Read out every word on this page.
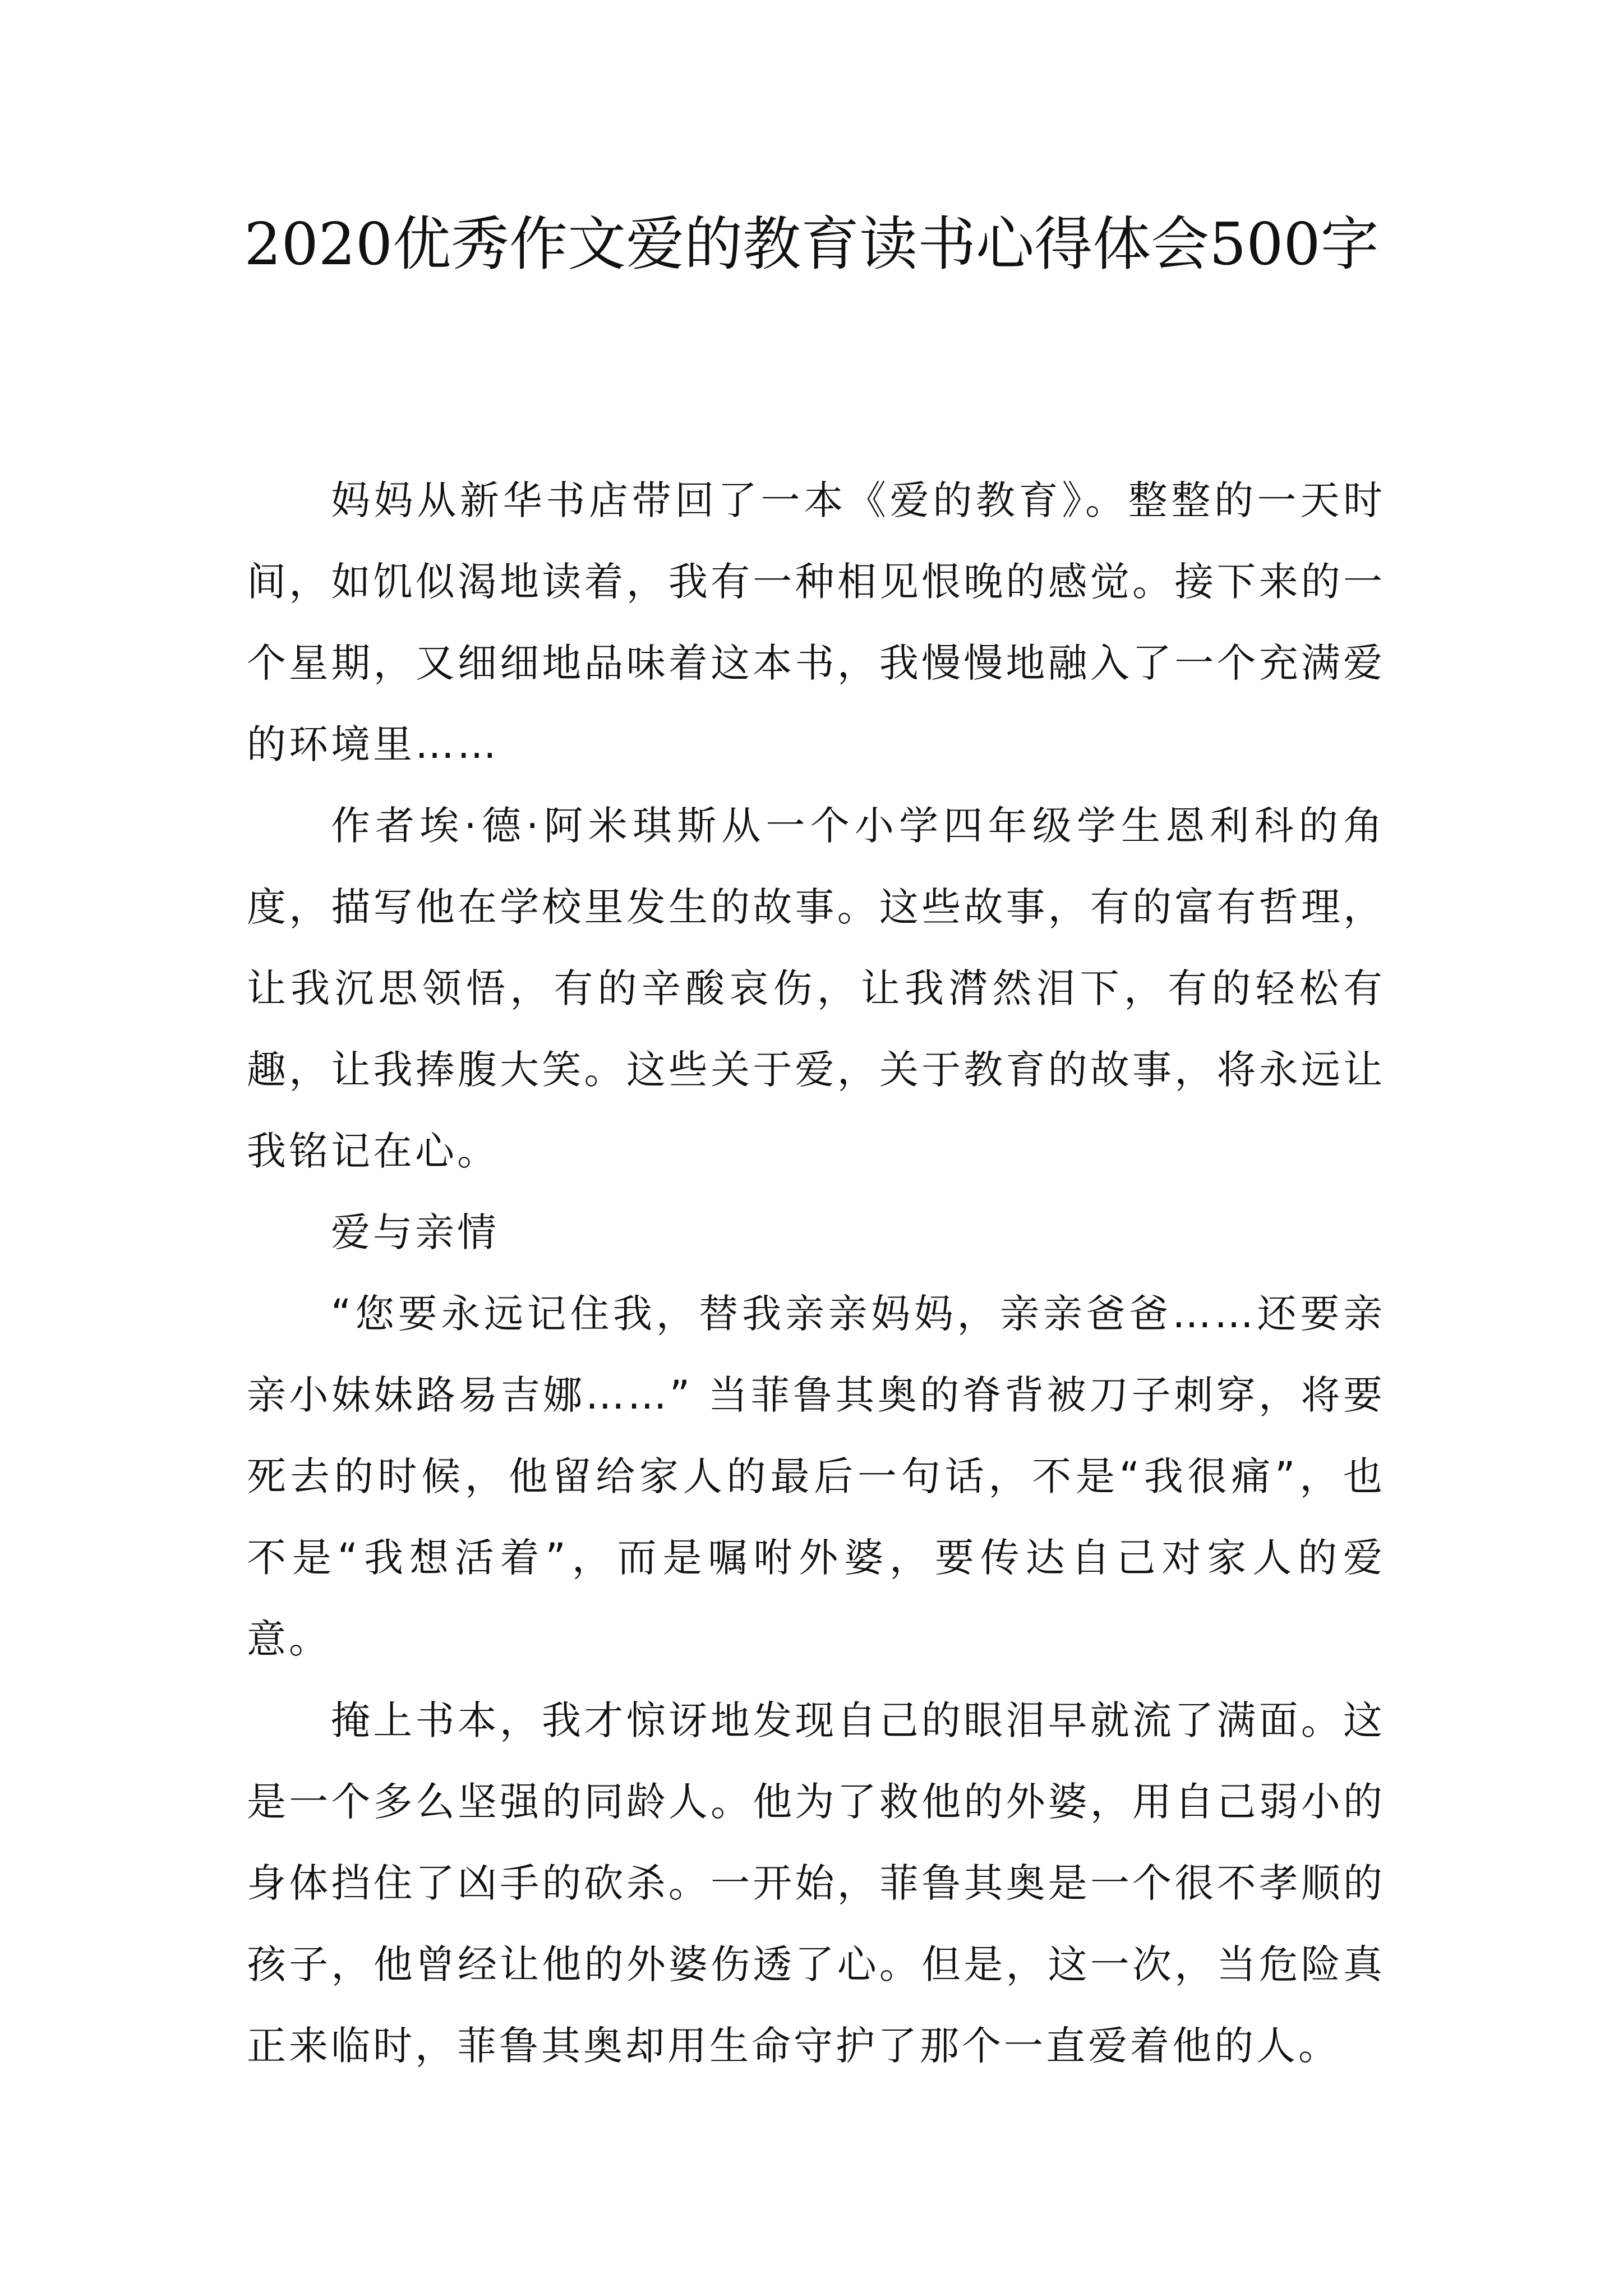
2020优秀作文爱的教育读书心得体会500字

妈妈从新华书店带回了一本《爱的教育》。整整的一天时间，如饥似渴地读着，我有一种相见恨晚的感觉。接下来的一个星期，又细细地品味着这本书，我慢慢地融入了一个充满爱的环境里……

作者埃·德·阿米琪斯从一个小学四年级学生恩利科的角度，描写他在学校里发生的故事。这些故事，有的富有哲理，让我沉思领悟，有的辛酸哀伤，让我潸然泪下，有的轻松有趣，让我捧腹大笑。这些关于爱，关于教育的故事，将永远让我铭记在心。

爱与亲情

“您要永远记住我，替我亲亲妈妈，亲亲爸爸……还要亲亲小妹妹路易吉娜……” 当菲鲁其奥的脊背被刀子刺穿，将要死去的时候，他留给家人的最后一句话，不是“我很痛”，也不是“我想活着”，而是嘱咐外婆，要传达自己对家人的爱意。

掩上书本，我才惊讶地发现自己的眼泪早就流了满面。这是一个多么坚强的同龄人。他为了救他的外婆，用自己弱小的身体挡住了凶手的砍杀。一开始，菲鲁其奥是一个很不孝顺的孩子，他曾经让他的外婆伤透了心。但是，这一次，当危险真正来临时，菲鲁其奥却用生命守护了那个一直爱着他的人。
